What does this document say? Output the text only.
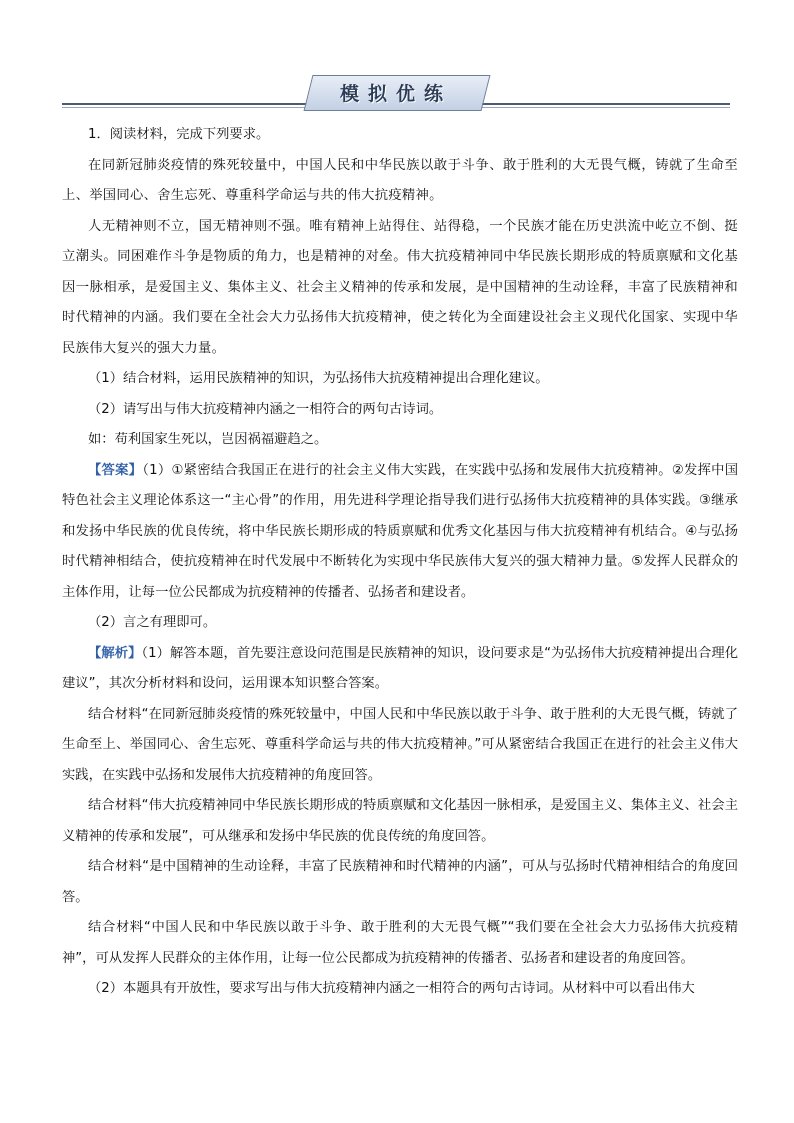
模拟优练

1．阅读材料，完成下列要求。

在同新冠肺炎疫情的殊死较量中，中国人民和中华民族以敢于斗争、敢于胜利的大无畏气概，铸就了生命至上、举国同心、舍生忘死、尊重科学命运与共的伟大抗疫精神。

人无精神则不立，国无精神则不强。唯有精神上站得住、站得稳，一个民族才能在历史洪流中屹立不倒、挺立潮头。同困难作斗争是物质的角力，也是精神的对垒。伟大抗疫精神同中华民族长期形成的特质禀赋和文化基因一脉相承，是爱国主义、集体主义、社会主义精神的传承和发展，是中国精神的生动诠释，丰富了民族精神和时代精神的内涵。我们要在全社会大力弘扬伟大抗疫精神，使之转化为全面建设社会主义现代化国家、实现中华民族伟大复兴的强大力量。

（1）结合材料，运用民族精神的知识，为弘扬伟大抗疫精神提出合理化建议。

（2）请写出与伟大抗疫精神内涵之一相符合的两句古诗词。

如：苟利国家生死以，岂因祸福避趋之。

【答案】（1）①紧密结合我国正在进行的社会主义伟大实践，在实践中弘扬和发展伟大抗疫精神。②发挥中国特色社会主义理论体系这一“主心骨”的作用，用先进科学理论指导我们进行弘扬伟大抗疫精神的具体实践。③继承和发扬中华民族的优良传统，将中华民族长期形成的特质禀赋和优秀文化基因与伟大抗疫精神有机结合。④与弘扬时代精神相结合，使抗疫精神在时代发展中不断转化为实现中华民族伟大复兴的强大精神力量。⑤发挥人民群众的主体作用，让每一位公民都成为抗疫精神的传播者、弘扬者和建设者。

（2）言之有理即可。

【解析】（1）解答本题，首先要注意设问范围是民族精神的知识，设问要求是“为弘扬伟大抗疫精神提出合理化建议”，其次分析材料和设问，运用课本知识整合答案。

结合材料“在同新冠肺炎疫情的殊死较量中，中国人民和中华民族以敢于斗争、敢于胜利的大无畏气概，铸就了生命至上、举国同心、舍生忘死、尊重科学命运与共的伟大抗疫精神。”可从紧密结合我国正在进行的社会主义伟大实践，在实践中弘扬和发展伟大抗疫精神的角度回答。

结合材料“伟大抗疫精神同中华民族长期形成的特质禀赋和文化基因一脉相承，是爱国主义、集体主义、社会主义精神的传承和发展”，可从继承和发扬中华民族的优良传统的角度回答。

结合材料“是中国精神的生动诠释，丰富了民族精神和时代精神的内涵”，可从与弘扬时代精神相结合的角度回答。

结合材料“中国人民和中华民族以敢于斗争、敢于胜利的大无畏气概”“我们要在全社会大力弘扬伟大抗疫精神”，可从发挥人民群众的主体作用，让每一位公民都成为抗疫精神的传播者、弘扬者和建设者的角度回答。

（2）本题具有开放性，要求写出与伟大抗疫精神内涵之一相符合的两句古诗词。从材料中可以看出伟大
